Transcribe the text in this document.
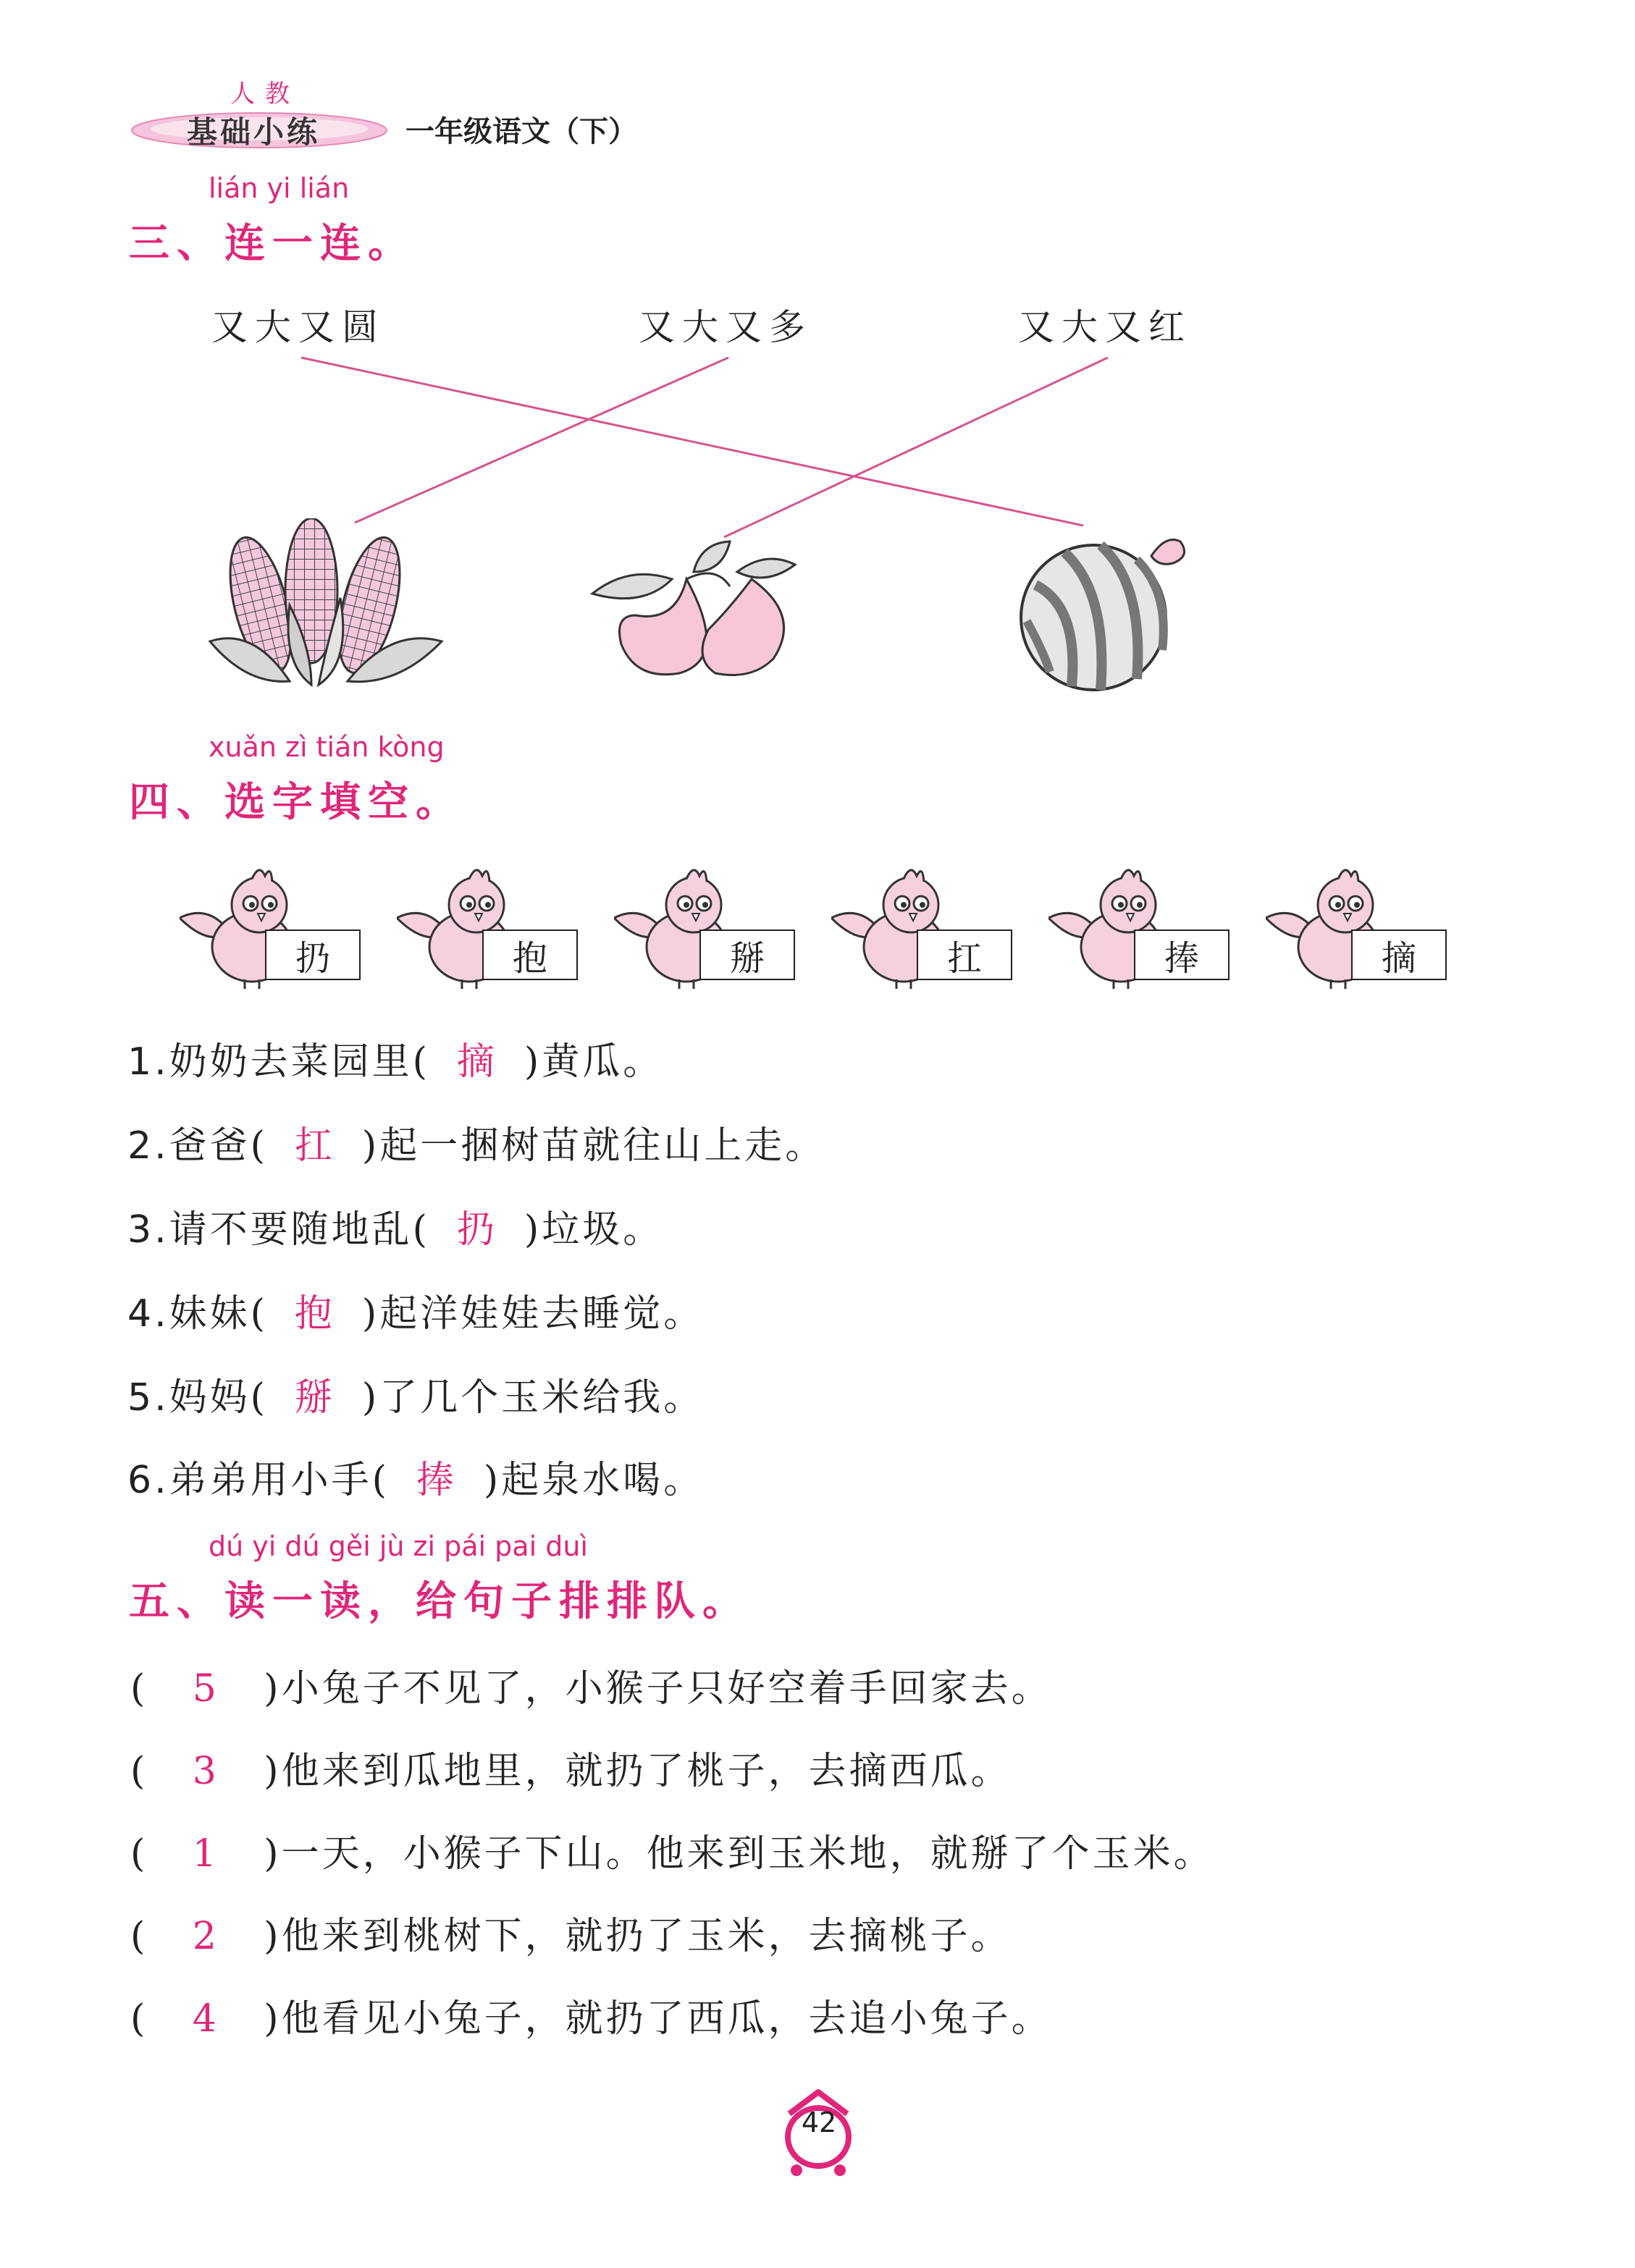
人教
基础小练	一年级语文（下）
lián yi lián
三、连一连。
又大又圆	又大又多	又大又红
xuǎn zì tián kòng
四、选字填空。
扔	抱	掰	扛	捧	摘
1.奶奶去菜园里( 摘 )黄瓜。
2.爸爸( 扛 )起一捆树苗就往山上走。
3.请不要随地乱( 扔 )垃圾。
4.妹妹( 抱 )起洋娃娃去睡觉。
5.妈妈( 掰 )了几个玉米给我。
6.弟弟用小手( 捧 )起泉水喝。
dú yi dú gěi jù zi pái pai duì
五、读一读，给句子排排队。
( 5 )小兔子不见了，小猴子只好空着手回家去。
( 3 )他来到瓜地里，就扔了桃子，去摘西瓜。
( 1 )一天，小猴子下山。他来到玉米地，就掰了个玉米。
( 2 )他来到桃树下，就扔了玉米，去摘桃子。
( 4 )他看见小兔子，就扔了西瓜，去追小兔子。
42
